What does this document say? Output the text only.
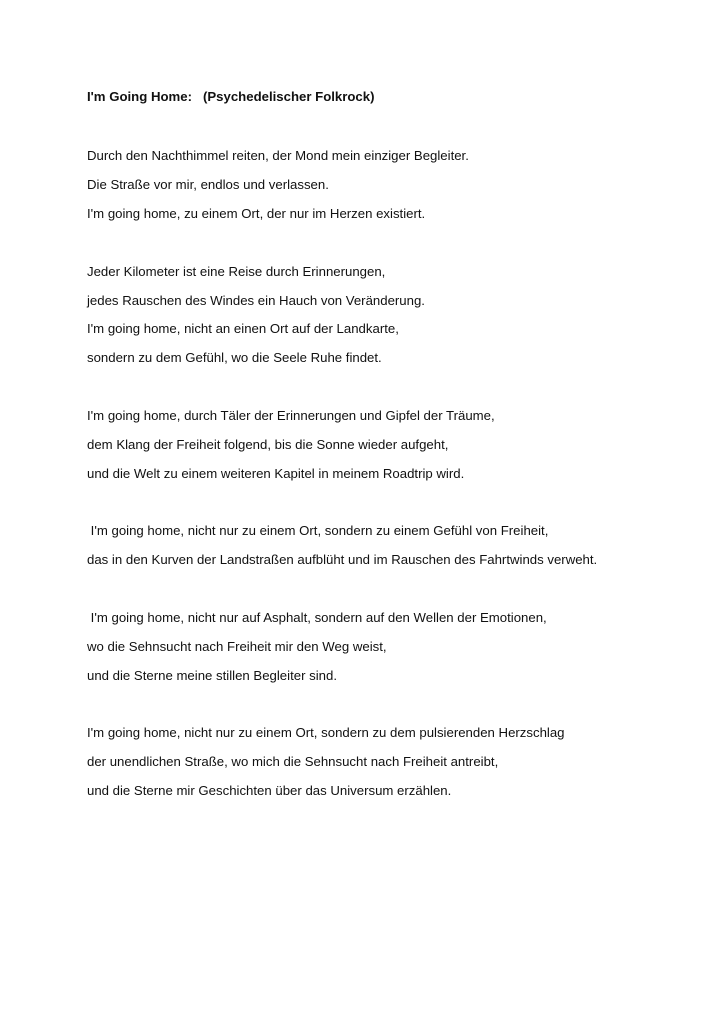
I'm Going Home: (Psychedelischer Folkrock)
Durch den Nachthimmel reiten, der Mond mein einziger Begleiter.
Die Straße vor mir, endlos und verlassen.
I'm going home, zu einem Ort, der nur im Herzen existiert.
Jeder Kilometer ist eine Reise durch Erinnerungen,
jedes Rauschen des Windes ein Hauch von Veränderung.
I'm going home, nicht an einen Ort auf der Landkarte,
sondern zu dem Gefühl, wo die Seele Ruhe findet.
I'm going home, durch Täler der Erinnerungen und Gipfel der Träume,
dem Klang der Freiheit folgend, bis die Sonne wieder aufgeht,
und die Welt zu einem weiteren Kapitel in meinem Roadtrip wird.
I'm going home, nicht nur zu einem Ort, sondern zu einem Gefühl von Freiheit,
das in den Kurven der Landstraßen aufblüht und im Rauschen des Fahrtwinds verweht.
I'm going home, nicht nur auf Asphalt, sondern auf den Wellen der Emotionen,
wo die Sehnsucht nach Freiheit mir den Weg weist,
und die Sterne meine stillen Begleiter sind.
I'm going home, nicht nur zu einem Ort, sondern zu dem pulsierenden Herzschlag
der unendlichen Straße, wo mich die Sehnsucht nach Freiheit antreibt,
und die Sterne mir Geschichten über das Universum erzählen.
